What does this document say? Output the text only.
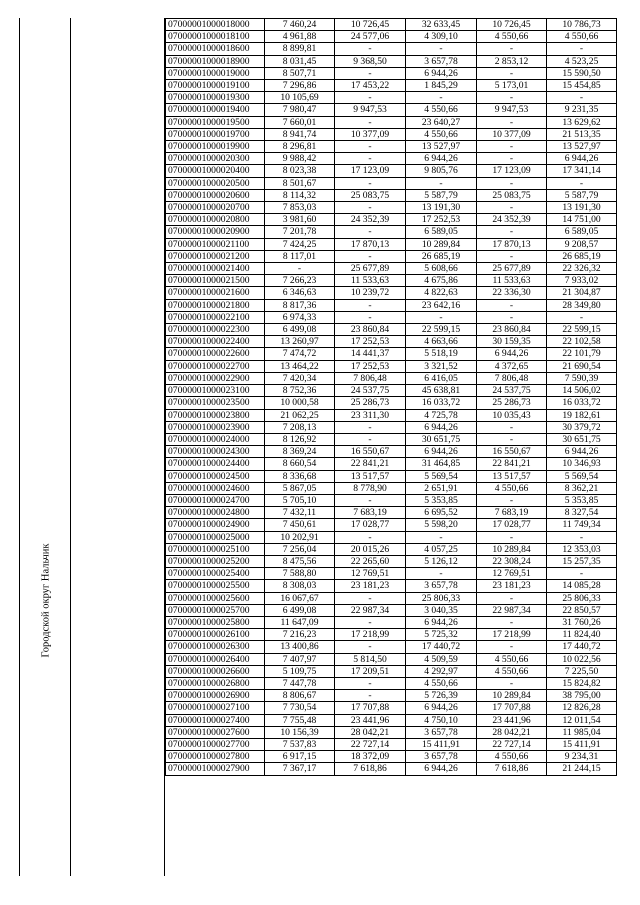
Городской округ Нальчик
07000001000018000	7 460,24	10 726,45	32 633,45	10 726,45	10 786,73
07000001000018100	4 961,88	24 577,06	4 309,10	4 550,66	4 550,66
07000001000018600	8 899,81	-	-	-	-
07000001000018900	8 031,45	9 368,50	3 657,78	2 853,12	4 523,25
07000001000019000	8 507,71	-	6 944,26	-	15 590,50
07000001000019100	7 296,86	17 453,22	1 845,29	5 173,01	15 454,85
07000001000019300	10 105,69	-	-	-	-
07000001000019400	7 980,47	9 947,53	4 550,66	9 947,53	9 231,35
07000001000019500	7 660,01	-	23 640,27	-	13 629,62
07000001000019700	8 941,74	10 377,09	4 550,66	10 377,09	21 513,35
07000001000019900	8 296,81	-	13 527,97	-	13 527,97
07000001000020300	9 988,42	-	6 944,26	-	6 944,26
07000001000020400	8 023,38	17 123,09	9 805,76	17 123,09	17 341,14
07000001000020500	8 501,67	-	-	-	-
07000001000020600	8 114,32	25 083,75	5 587,79	25 083,75	5 587,79
07000001000020700	7 853,03	-	13 191,30	-	13 191,30
07000001000020800	3 981,60	24 352,39	17 252,53	24 352,39	14 751,00
07000001000020900	7 201,78	-	6 589,05	-	6 589,05
07000001000021100	7 424,25	17 870,13	10 289,84	17 870,13	9 208,57
07000001000021200	8 117,01	-	26 685,19	-	26 685,19
07000001000021400	-	25 677,89	5 608,66	25 677,89	22 326,32
07000001000021500	7 266,23	11 533,63	4 675,86	11 533,63	7 933,02
07000001000021600	6 346,63	10 239,72	4 822,63	22 336,30	21 304,87
07000001000021800	8 817,36	-	23 642,16	-	28 349,80
07000001000022100	6 974,33	-	-	-	-
07000001000022300	6 499,08	23 860,84	22 599,15	23 860,84	22 599,15
07000001000022400	13 260,97	17 252,53	4 663,66	30 159,35	22 102,58
07000001000022600	7 474,72	14 441,37	5 518,19	6 944,26	22 101,79
07000001000022700	13 464,22	17 252,53	3 321,52	4 372,65	21 690,54
07000001000022900	7 420,34	7 806,48	6 416,05	7 806,48	7 590,39
07000001000023100	8 752,36	24 537,75	45 638,81	24 537,75	14 506,02
07000001000023500	10 000,58	25 286,73	16 033,72	25 286,73	16 033,72
07000001000023800	21 062,25	23 311,30	4 725,78	10 035,43	19 182,61
07000001000023900	7 208,13	-	6 944,26	-	30 379,72
07000001000024000	8 126,92	-	30 651,75	-	30 651,75
07000001000024300	8 369,24	16 550,67	6 944,26	16 550,67	6 944,26
07000001000024400	8 660,54	22 841,21	31 464,85	22 841,21	10 346,93
07000001000024500	8 336,68	13 517,57	5 569,54	13 517,57	5 569,54
07000001000024600	5 867,05	8 778,90	2 651,91	4 550,66	8 362,21
07000001000024700	5 705,10	-	5 353,85	-	5 353,85
07000001000024800	7 432,11	7 683,19	6 695,52	7 683,19	8 327,54
07000001000024900	7 450,61	17 028,77	5 598,20	17 028,77	11 749,34
07000001000025000	10 202,91	-	-	-	-
07000001000025100	7 256,04	20 015,26	4 057,25	10 289,84	12 353,03
07000001000025200	8 475,56	22 265,60	5 126,12	22 308,24	15 257,35
07000001000025400	7 588,80	12 769,51	-	12 769,51	-
07000001000025500	8 308,03	23 181,23	3 657,78	23 181,23	14 085,28
07000001000025600	16 067,67	-	25 806,33	-	25 806,33
07000001000025700	6 499,08	22 987,34	3 040,35	22 987,34	22 850,57
07000001000025800	11 647,09	-	6 944,26	-	31 760,26
07000001000026100	7 216,23	17 218,99	5 725,32	17 218,99	11 824,40
07000001000026300	13 400,86	-	17 440,72	-	17 440,72
07000001000026400	7 407,97	5 814,50	4 509,59	4 550,66	10 022,56
07000001000026600	5 109,75	17 209,51	4 292,97	4 550,66	7 225,50
07000001000026800	7 447,78	-	4 550,66	-	15 824,82
07000001000026900	8 806,67	-	5 726,39	10 289,84	38 795,00
07000001000027100	7 730,54	17 707,88	6 944,26	17 707,88	12 826,28
07000001000027400	7 755,48	23 441,96	4 750,10	23 441,96	12 011,54
07000001000027600	10 156,39	28 042,21	3 657,78	28 042,21	11 985,04
07000001000027700	7 537,83	22 727,14	15 411,91	22 727,14	15 411,91
07000001000027800	6 917,15	18 372,09	3 657,78	4 550,66	9 234,31
07000001000027900	7 367,17	7 618,86	6 944,26	7 618,86	21 244,15
